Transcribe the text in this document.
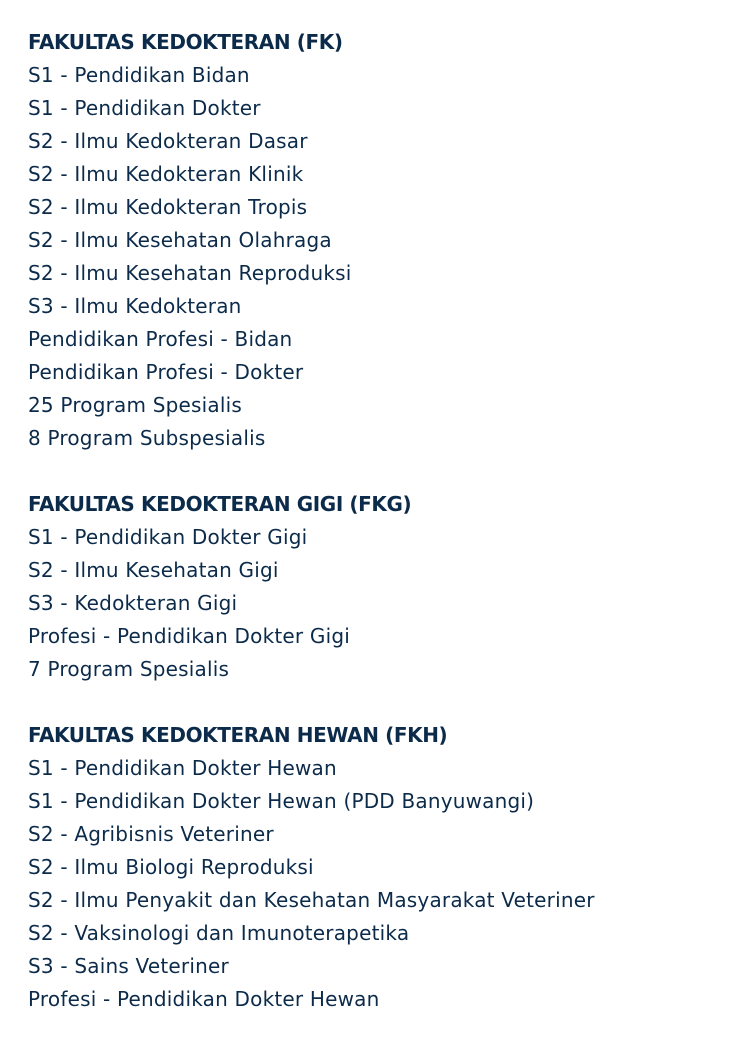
FAKULTAS KEDOKTERAN (FK)
S1 - Pendidikan Bidan
S1 - Pendidikan Dokter
S2 - Ilmu Kedokteran Dasar
S2 - Ilmu Kedokteran Klinik
S2 - Ilmu Kedokteran Tropis
S2 - Ilmu Kesehatan Olahraga
S2 - Ilmu Kesehatan Reproduksi
S3 - Ilmu Kedokteran
Pendidikan Profesi - Bidan
Pendidikan Profesi - Dokter
25 Program Spesialis
8 Program Subspesialis
FAKULTAS KEDOKTERAN GIGI (FKG)
S1 - Pendidikan Dokter Gigi
S2 - Ilmu Kesehatan Gigi
S3 - Kedokteran Gigi
Profesi - Pendidikan Dokter Gigi
7 Program Spesialis
FAKULTAS KEDOKTERAN HEWAN (FKH)
S1 - Pendidikan Dokter Hewan
S1 - Pendidikan Dokter Hewan (PDD Banyuwangi)
S2 - Agribisnis Veteriner
S2 - Ilmu Biologi Reproduksi
S2 - Ilmu Penyakit dan Kesehatan Masyarakat Veteriner
S2 - Vaksinologi dan Imunoterapetika
S3 - Sains Veteriner
Profesi - Pendidikan Dokter Hewan
